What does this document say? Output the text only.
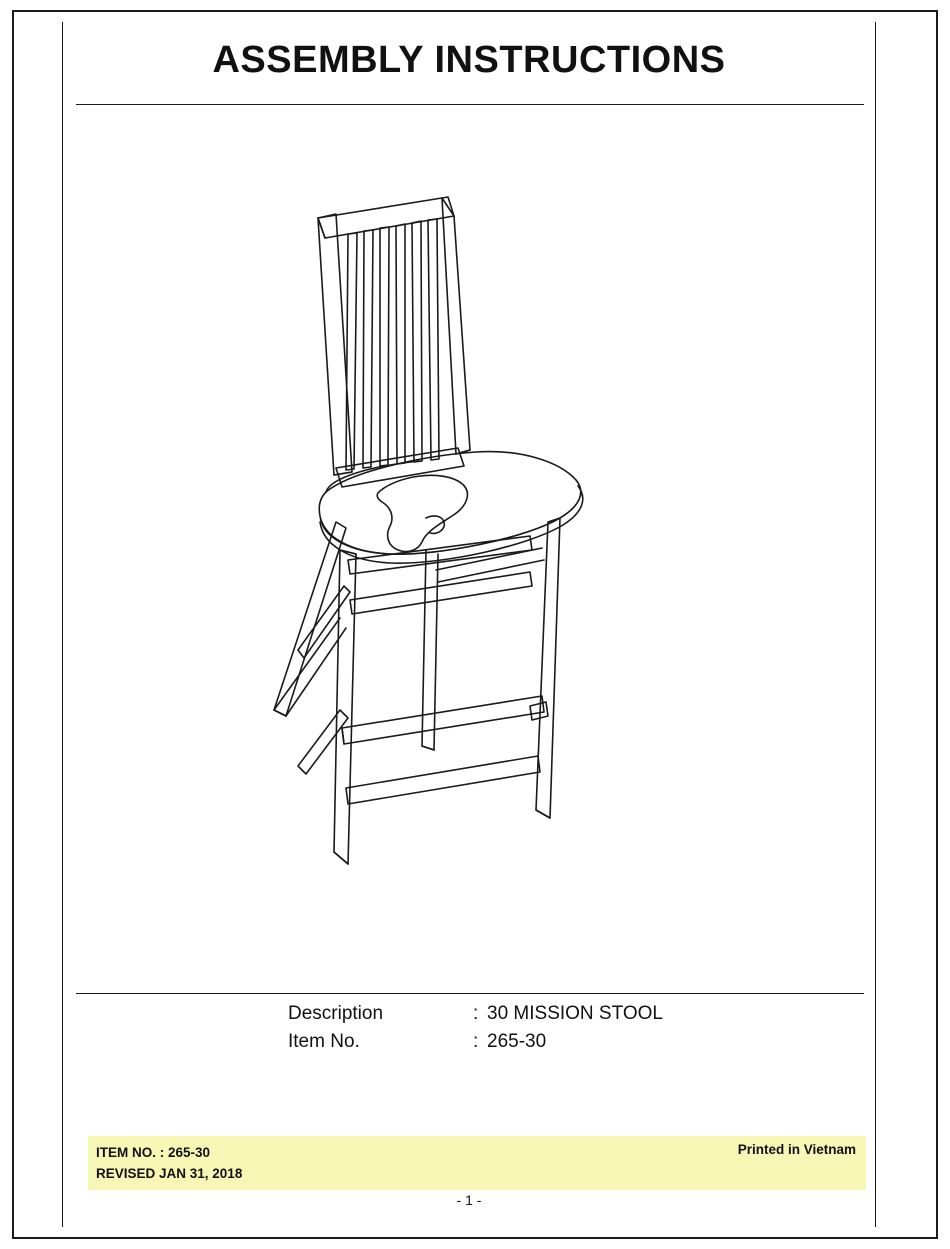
ASSEMBLY INSTRUCTIONS
Description	: 30 MISSION STOOL
Item No.	: 265-30
ITEM NO. : 265-30
REVISED JAN 31, 2018
Printed in Vietnam
- 1 -
